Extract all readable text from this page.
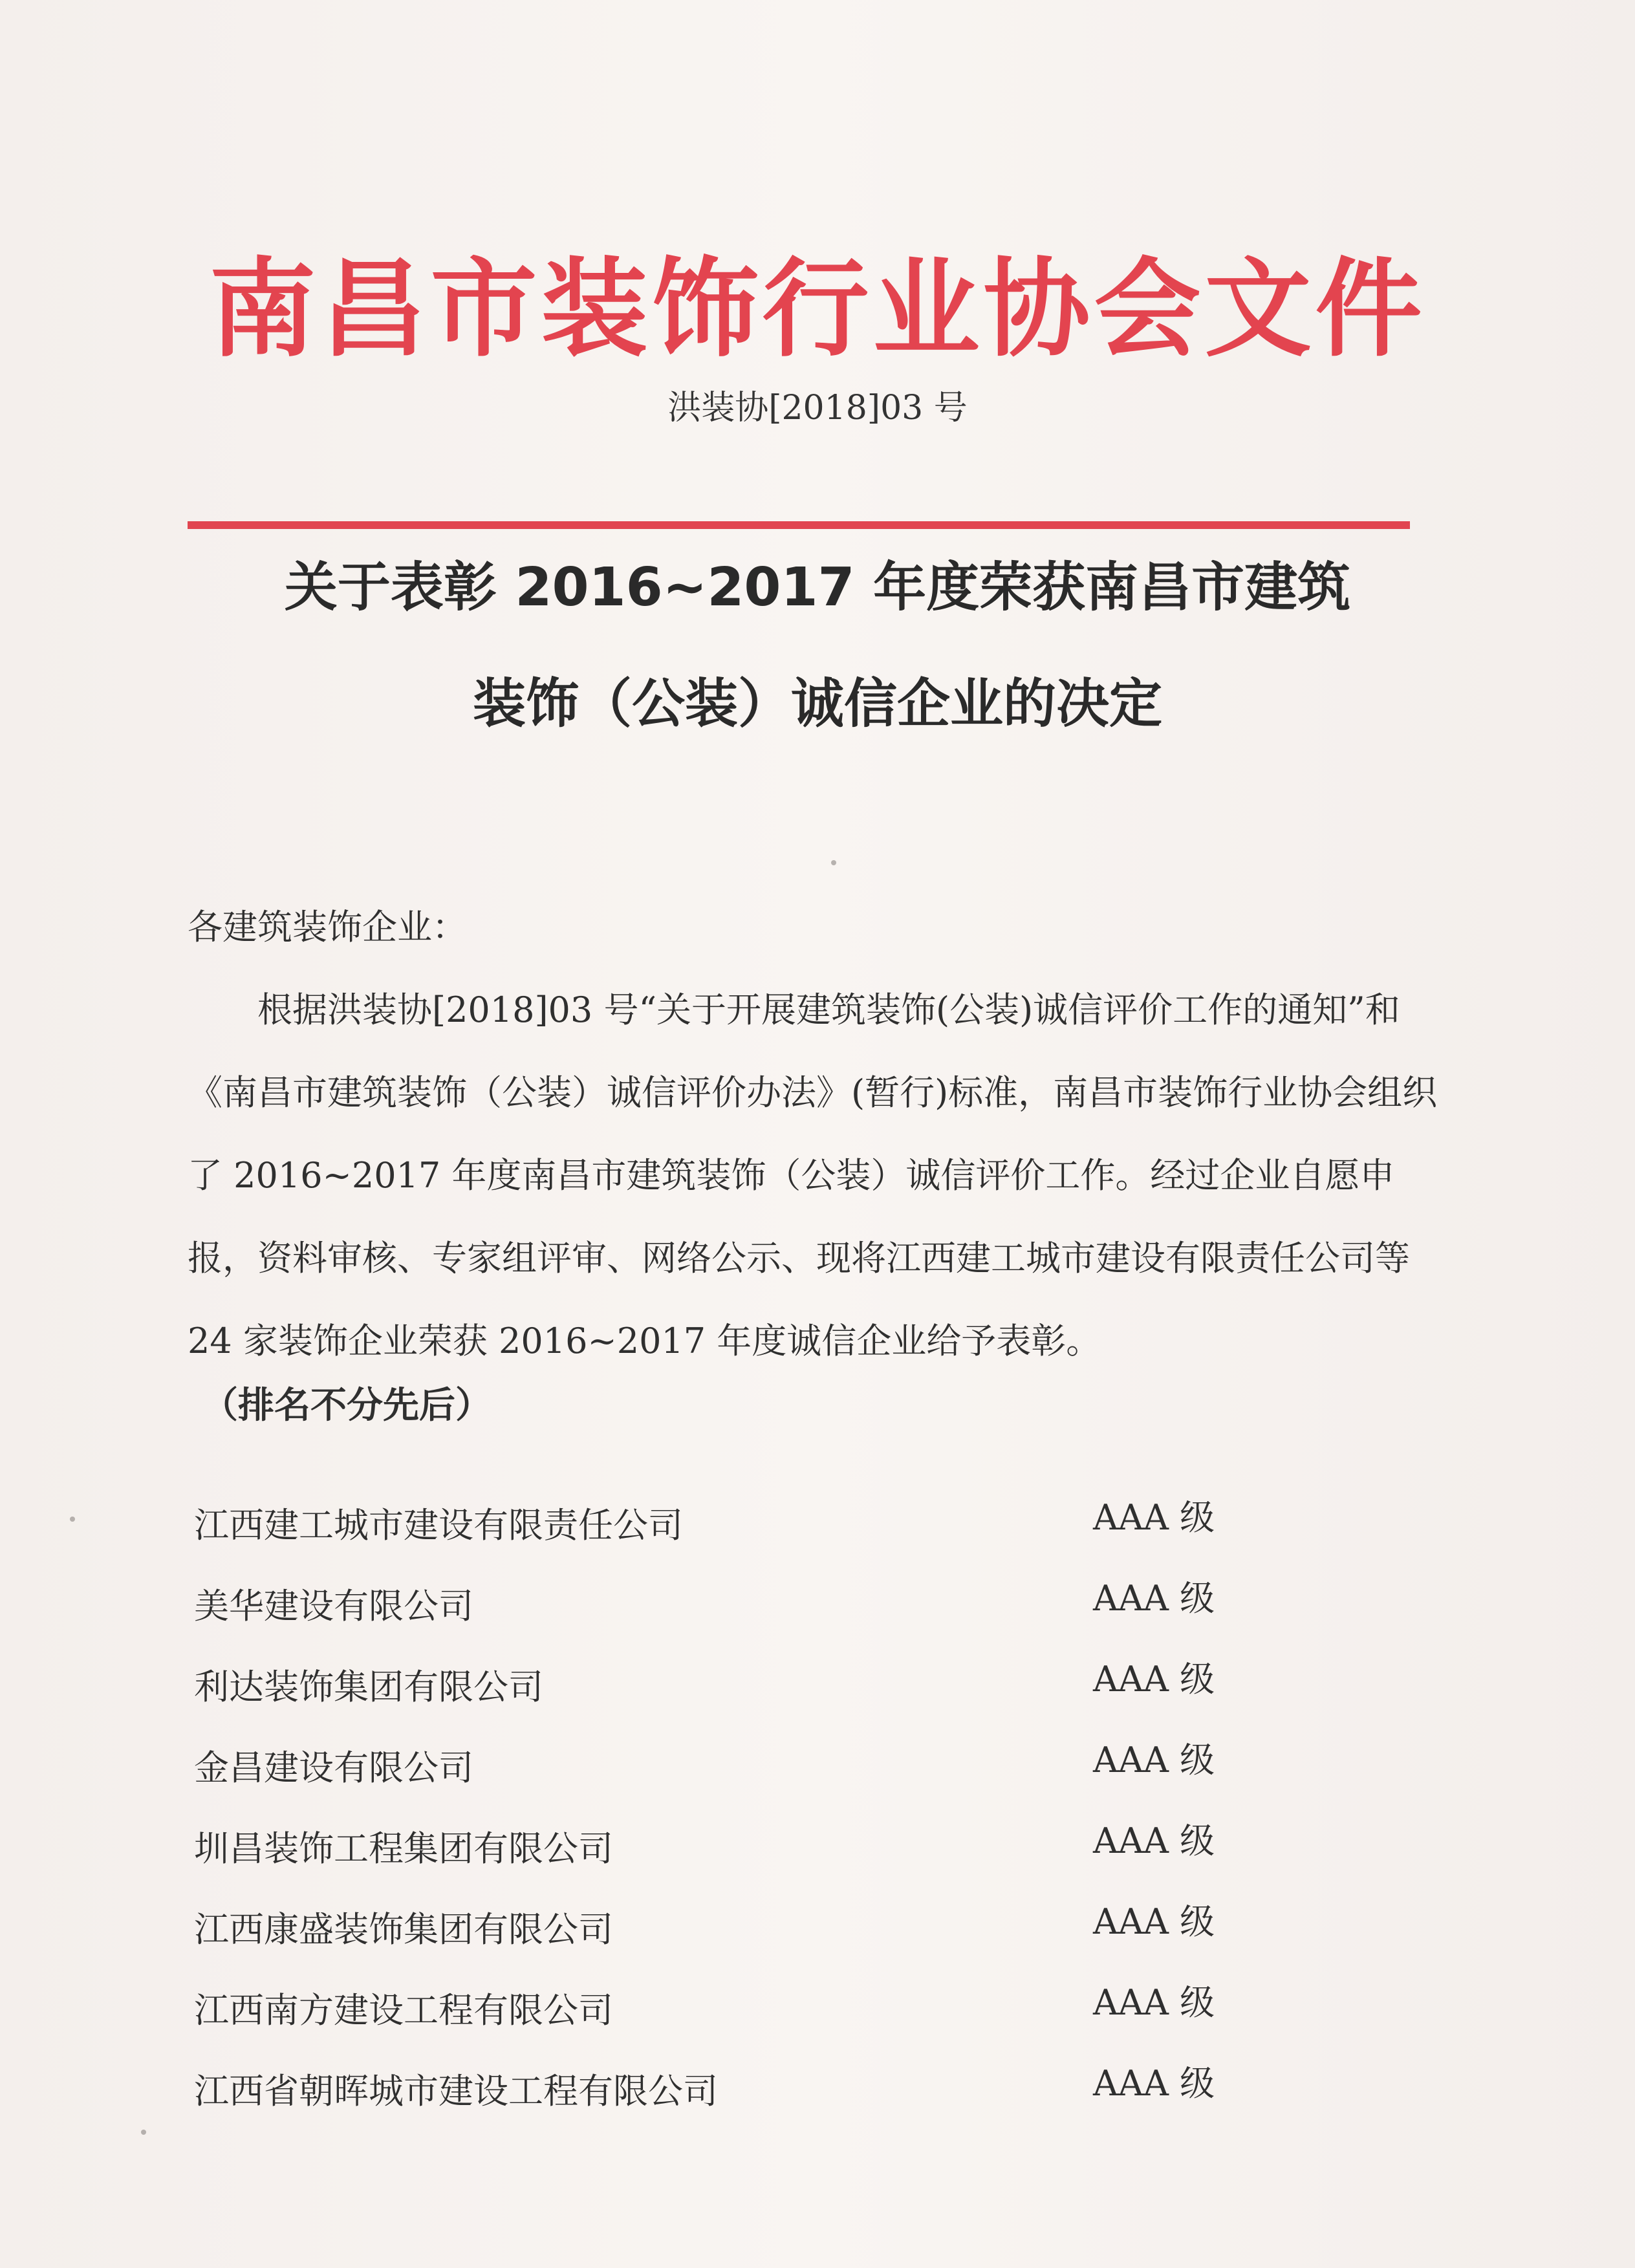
南昌市装饰行业协会文件
洪装协[2018]03 号
关于表彰 2016~2017 年度荣获南昌市建筑
装饰（公装）诚信企业的决定
各建筑装饰企业：
根据洪装协[2018]03 号“关于开展建筑装饰(公装)诚信评价工作的通知”和《南昌市建筑装饰（公装）诚信评价办法》(暂行)标准，南昌市装饰行业协会组织了 2016~2017 年度南昌市建筑装饰（公装）诚信评价工作。经过企业自愿申报，资料审核、专家组评审、网络公示、现将江西建工城市建设有限责任公司等 24 家装饰企业荣获 2016~2017 年度诚信企业给予表彰。
（排名不分先后）
江西建工城市建设有限责任公司	AAA 级
美华建设有限公司	AAA 级
利达装饰集团有限公司	AAA 级
金昌建设有限公司	AAA 级
圳昌装饰工程集团有限公司	AAA 级
江西康盛装饰集团有限公司	AAA 级
江西南方建设工程有限公司	AAA 级
江西省朝晖城市建设工程有限公司	AAA 级
